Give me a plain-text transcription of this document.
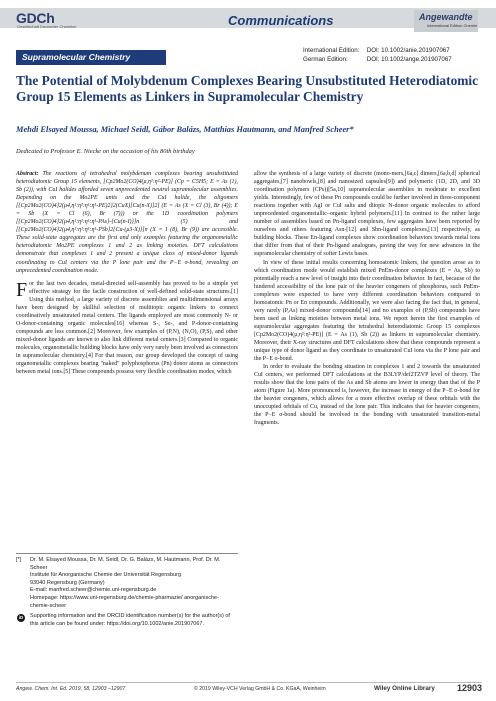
GDCh
Gesellschaft Deutscher Chemiker	Communications	Angewandte
International Edition Chemie
Supramolecular Chemistry
International Edition: DOI: 10.1002/anie.201907067
German Edition:	DOI: 10.1002/ange.201907067
The Potential of Molybdenum Complexes Bearing Unsubstituted Heterodiatomic Group 15 Elements as Linkers in Supramolecular Chemistry
Mehdi Elsayed Moussa, Michael Seidl, Gábor Balázs, Matthias Hautmann, and Manfred Scheer*
Dedicated to Professor E. Niecke on the occasion of his 80th birthday

Abstract: The reactions of tetrahedral molybdenum complexes bearing unsubstituted heterodiatomic Group 15 elements, [Cp2Mo2(CO)4(μ,η²:η²-PE)] (Cp = C5H5; E = As (1), Sb (2)), with CuI halides afforded seven unprecedented neutral supramolecular assemblies. Depending on the Mo2PE units and the CuI halide, the oligomers [{Cp2Mo2(CO)4}2(μ4,η²:η²:η¹:η¹-PE)2}2(CuX)[Cu(n-X)]2] (E = As (X = Cl (3), Br (4)); E = Sb (X = Cl (6), Br (7))) or the 1D coordination polymers [{Cp2Mo2(CO)4}2(μ4,η²:η²:η¹:η¹-PAs}-{Cu(n-I)}]n (5) and [{Cp2Mo2(CO)4}2(μ4,η²:η²:η¹:η¹-PSb}2{Cu-(μ3-X)}]n (X = I (8), Br (9)) are accessible. These solid-state aggregates are the first and only examples featuring the organometallic heterodiatomic Mo2PE complexes 1 and 2 as linking moieties. DFT calculations demonstrate that complexes 1 and 2 present a unique class of mixed-donor ligands coordinating to CuI centers via the P lone pair and the P−E σ-bond, revealing an unprecedented coordination mode.

For the last two decades, metal-directed self-assembly has proved to be a simple yet effective strategy for the facile construction of well-defined solid-state structures.[1] Using this method, a large variety of discrete assemblies and multidimensional arrays have been designed by skillful selection of multitopic organic linkers to connect coordinatively unsaturated metal centers. The ligands employed are most commonly N- or O-donor-containing organic molecules[16] whereas S-, Se-, and P-donor-containing compounds are less common.[2] Moreover, few examples of (P,N), (N,O), (P,S), and other mixed-donor ligands are known to also link different metal centers.[3] Compared to organic molecules, organometallic building blocks have only very rarely been involved as connectors in supramolecular chemistry.[4] For that reason, our group developed the concept of using organometallic complexes bearing "naked" polyphosphorus (Pn) donor atoms as connectors between metal ions.[5] These compounds possess very flexible coordination modes, which

allow the synthesis of a large variety of discrete (mono-mers,[6a,c] dimers,[6a,b,d] spherical aggregates,[7] nanobowls,[8] and nanosized capsules[9]) and polymeric (1D, 2D, and 3D coordination polymers (CPs))[5a,10] supramolecular assemblies in moderate to excellent yields. Interestingly, few of these Pn compounds could be further involved in three-component reactions together with AgI or CuI salts and ditopic N-donor organic molecules to afford unprecedented organometallic–organic hybrid polymers.[11] In contrast to the rather large number of assemblies based on Pn-ligand complexes, few aggregates have been reported by ourselves and others featuring Asn-[12] and Sbn-ligand complexes,[13] respectively, as building blocks. These En-ligand complexes show coordination behaviors towards metal ions that differ from that of their Pn-ligand analogues, paving the way for new advances in the supramolecular chemistry of softer Lewis bases.

In view of these initial results concerning homoatomic linkers, the question arose as to which coordination mode would establish mixed PnEm-donor complexes (E = As, Sb) to potentially reach a new level of insight into their coordination behavior. In fact, because of the hindered accessibility of the lone pair of the heavier congeners of phosphorus, such PnEm-complexes were expected to have very different coordination behaviors compared to homoatomic Pn or En compounds. Additionally, we were also facing the fact that, in general, very rarely (P,As) mixed-donor compounds[14] and no examples of (P,Sb) compounds have been used as linking moieties between metal ions. We report herein the first examples of supramolecular aggregates featuring the tetrahedral heterodiatomic Group 15 complexes [Cp2Mo2(CO)4(μ,η²:η²-PE)] (E = As (1), Sb (2)) as linkers in supramolecular chemistry. Moreover, their X-ray structures and DFT calculations show that these compounds represent a unique type of donor ligand as they coordinate to unsaturated CuI ions via the P lone pair and the P−E σ-bond.

In order to evaluate the bonding situation in complexes 1 and 2 towards the unsaturated CuI centers, we performed DFT calculations at the B3LYP/def2TZVP level of theory. The results show that the lone pairs of the As and Sb atoms are lower in energy than that of the P atom (Figure 1a). More pronounced is, however, the increase in energy of the P−E σ-bond for the heavier congeners, which allows for a more effective overlap of these orbitals with the unoccupied orbitals of Cu, instead of the lone pair. This indicates that for heavier congeners, the P−E σ-bond should be involved in the bonding with unsaturated transition-metal fragments.

[*] Dr. M. Elsayed Moussa, Dr. M. Seidl, Dr. G. Balázs, M. Hautmann, Prof. Dr. M. Scheer
Institute für Anorganische Chemie der Universität Regensburg
93040 Regensburg (Germany)
E-mail: manfred.scheer@chemie.uni-regensburg.de
Homepage: https://www.uni-regensburg.de/chemie-pharmazie/ anorganische-chemie-scheer
iD	Supporting information and the ORCID identification number(s) for the author(s) of this article can be found under: https://doi.org/10.1002/anie.201907067.
Angew. Chem. Int. Ed. 2019, 58, 12903 –12907	© 2019 Wiley-VCH Verlag GmbH & Co. KGaA, Weinheim	Wiley Online Library 12903
